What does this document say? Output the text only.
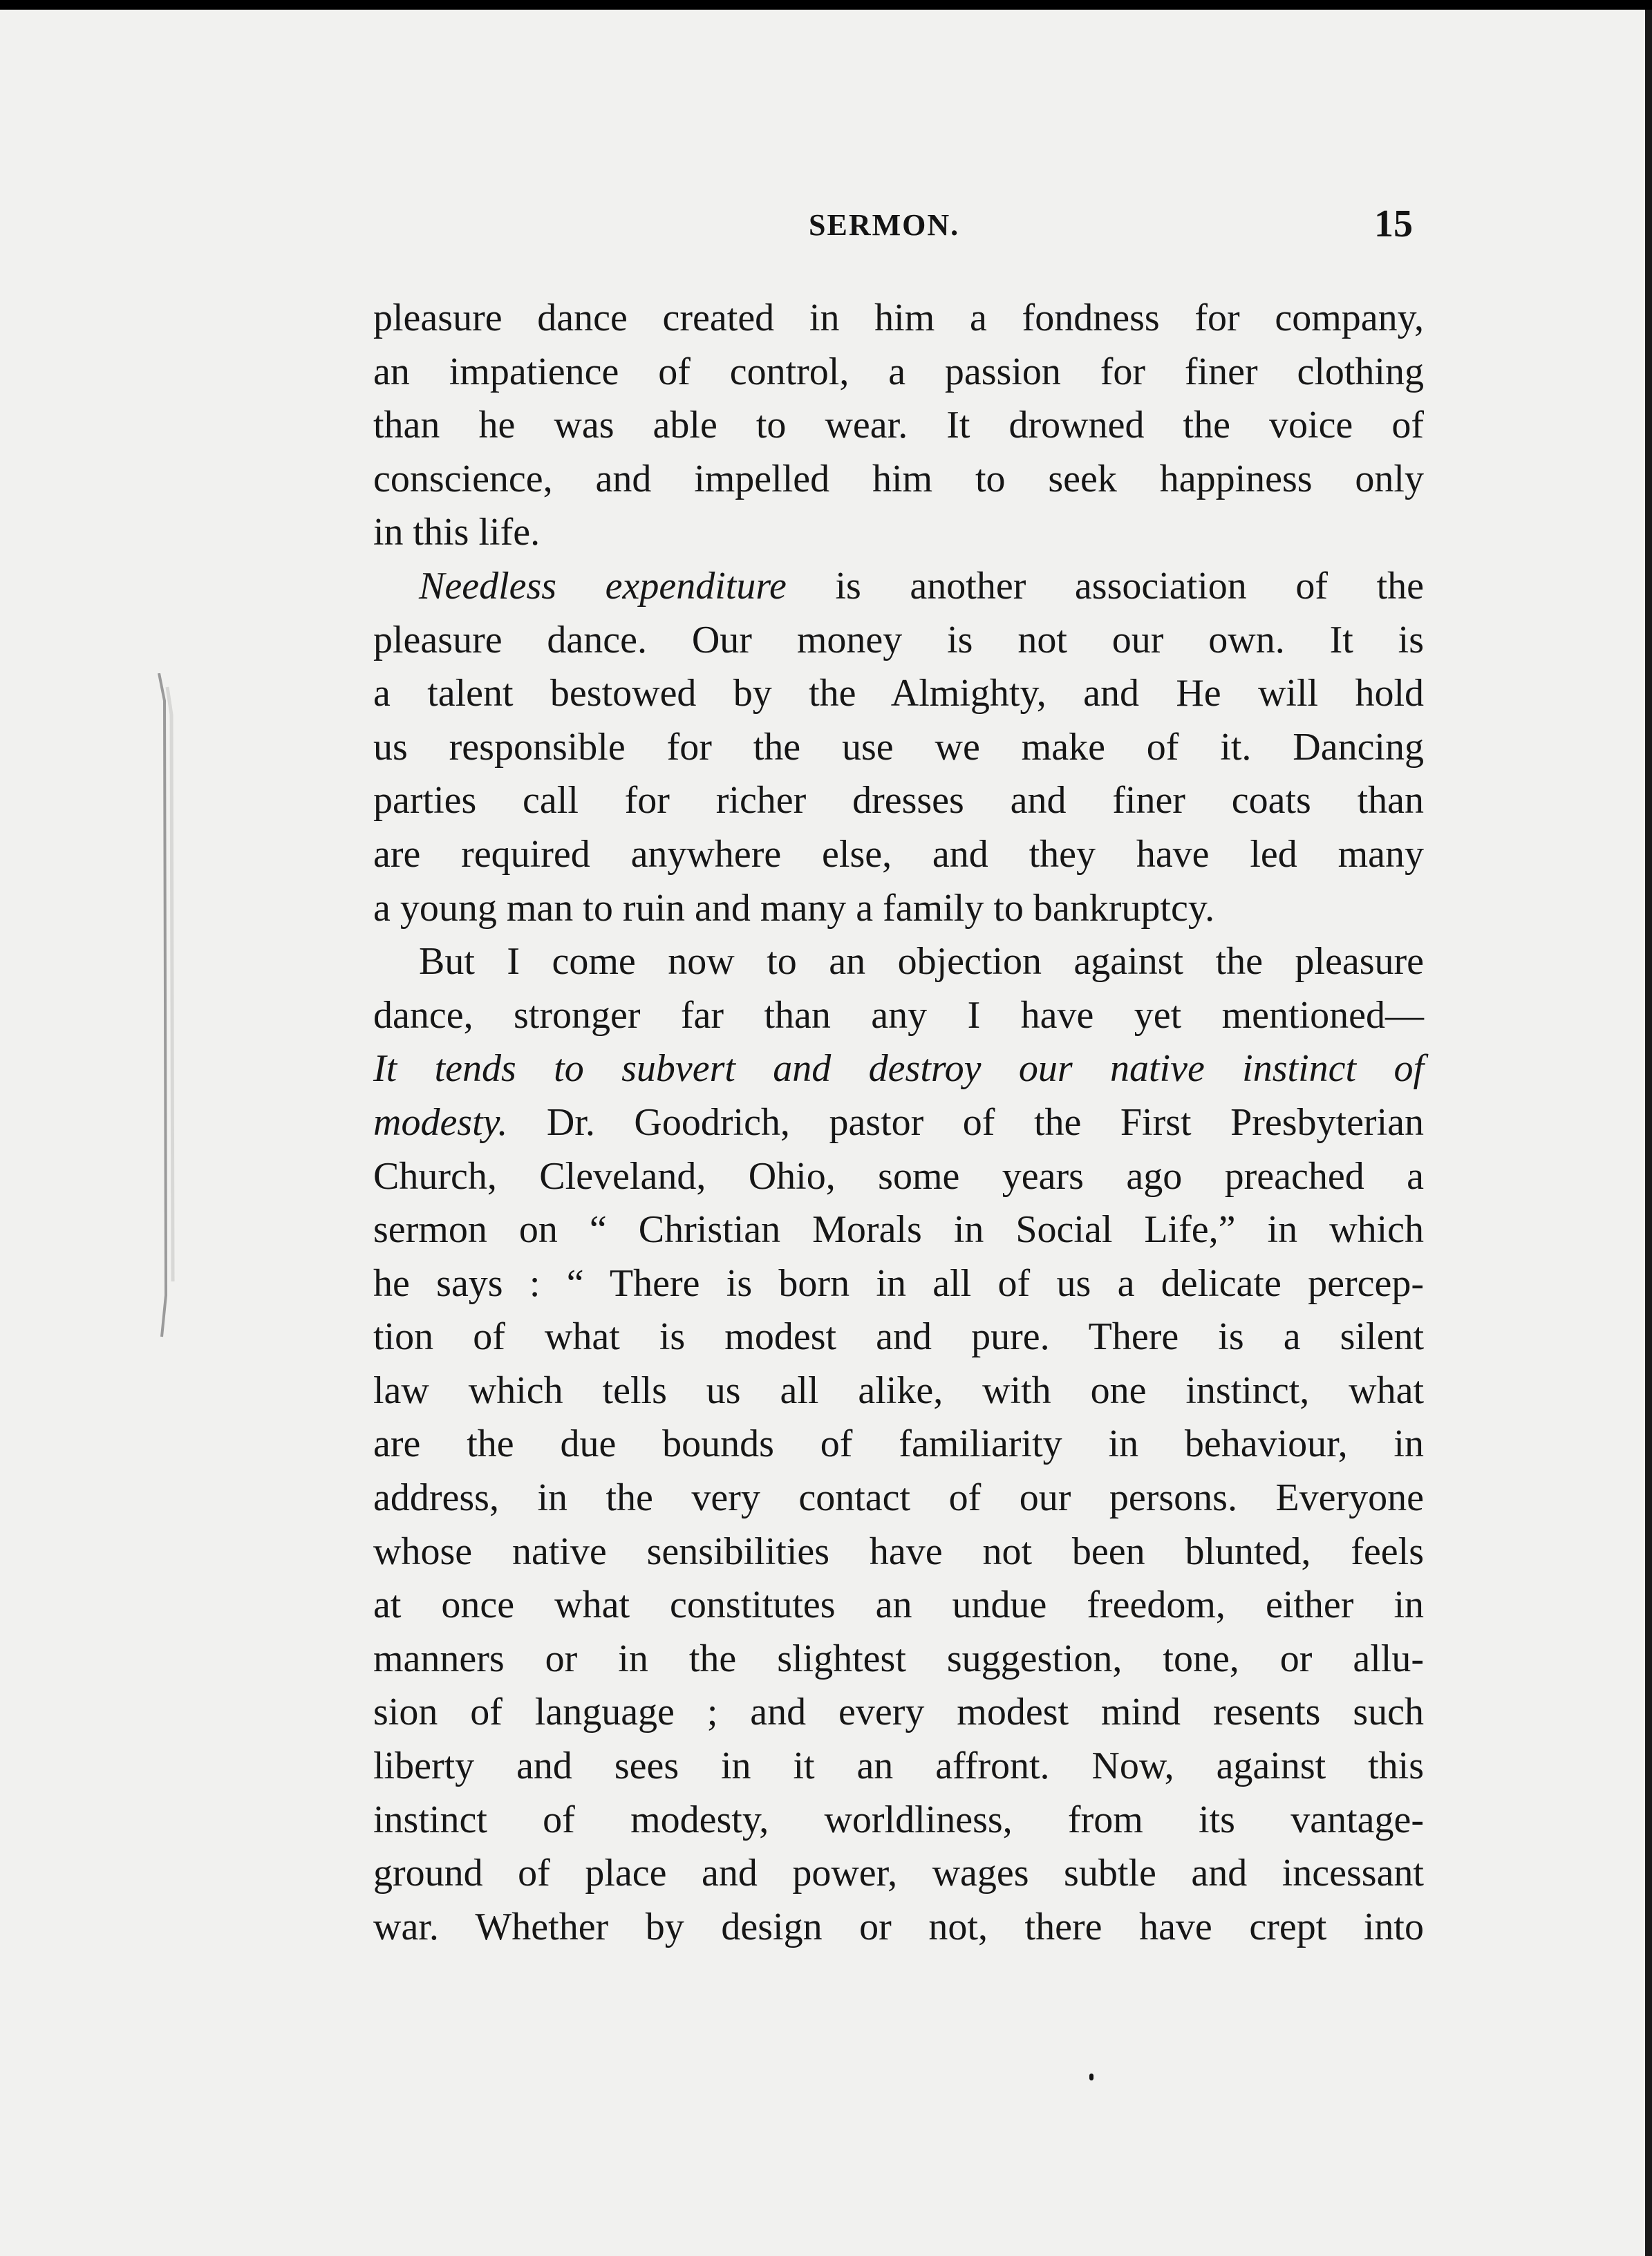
SERMON.	15
pleasure dance created in him a fondness for company,
an impatience of control, a passion for finer clothing
than he was able to wear. It drowned the voice of
conscience, and impelled him to seek happiness only
in this life.
Needless expenditure is another association of the
pleasure dance. Our money is not our own. It is
a talent bestowed by the Almighty, and He will hold
us responsible for the use we make of it. Dancing
parties call for richer dresses and finer coats than
are required anywhere else, and they have led many
a young man to ruin and many a family to bankruptcy.
But I come now to an objection against the pleasure
dance, stronger far than any I have yet mentioned—
It tends to subvert and destroy our native instinct of
modesty. Dr. Goodrich, pastor of the First Presbyterian
Church, Cleveland, Ohio, some years ago preached a
sermon on “ Christian Morals in Social Life,” in which
he says : “ There is born in all of us a delicate percep-
tion of what is modest and pure. There is a silent
law which tells us all alike, with one instinct, what
are the due bounds of familiarity in behaviour, in
address, in the very contact of our persons. Everyone
whose native sensibilities have not been blunted, feels
at once what constitutes an undue freedom, either in
manners or in the slightest suggestion, tone, or allu-
sion of language ; and every modest mind resents such
liberty and sees in it an affront. Now, against this
instinct of modesty, worldliness, from its vantage-
ground of place and power, wages subtle and incessant
war. Whether by design or not, there have crept into
